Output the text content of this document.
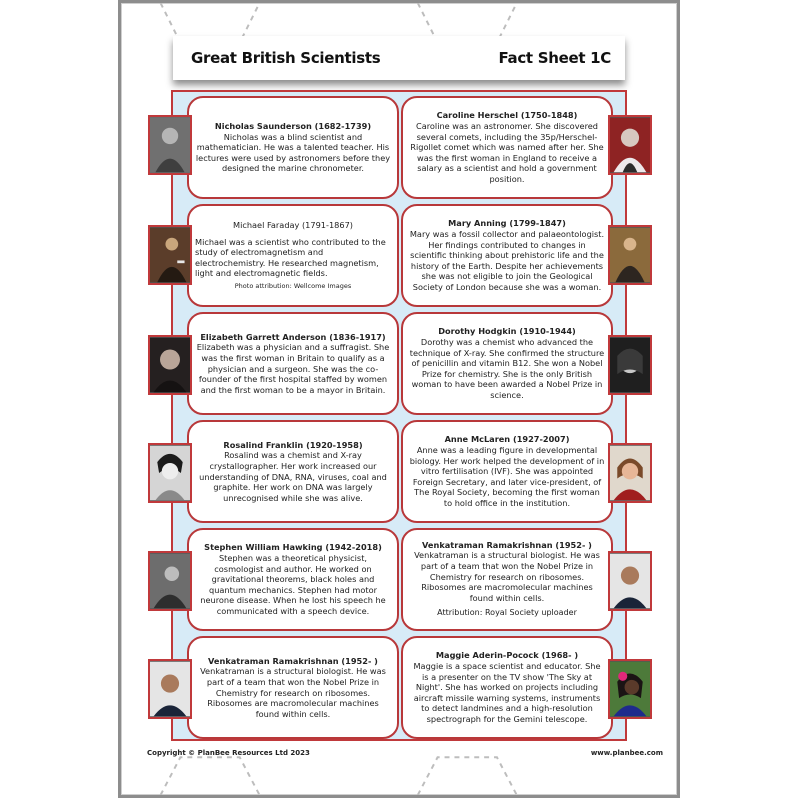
Great British Scientists	Fact Sheet 1C
Nicholas Saunderson (1682-1739)
Nicholas was a blind scientist and mathematician. He was a talented teacher. His lectures were used by astronomers before they designed the marine chronometer.
Caroline Herschel (1750-1848)
Caroline was an astronomer. She discovered several comets, including the 35p/Herschel-Rigollet comet which was named after her. She was the first woman in England to receive a salary as a scientist and hold a government position.
Michael Faraday (1791-1867)
Michael was a scientist who contributed to the study of electromagnetism and electrochemistry. He researched magnetism, light and electromagnetic fields.
Photo attribution: Wellcome Images
Mary Anning (1799-1847)
Mary was a fossil collector and palaeontologist. Her findings contributed to changes in scientific thinking about prehistoric life and the history of the Earth. Despite her achievements she was not eligible to join the Geological Society of London because she was a woman.
Elizabeth Garrett Anderson (1836-1917)
Elizabeth was a physician and a suffragist. She was the first woman in Britain to qualify as a physician and a surgeon. She was the co-founder of the first hospital staffed by women and the first woman to be a mayor in Britain.
Dorothy Hodgkin (1910-1944)
Dorothy was a chemist who advanced the technique of X-ray. She confirmed the structure of penicillin and vitamin B12. She won a Nobel Prize for chemistry. She is the only British woman to have been awarded a Nobel Prize in science.
Rosalind Franklin (1920-1958)
Rosalind was a chemist and X-ray crystallographer. Her work increased our understanding of DNA, RNA, viruses, coal and graphite. Her work on DNA was largely unrecognised while she was alive.
Anne McLaren (1927-2007)
Anne was a leading figure in developmental biology. Her work helped the development of in vitro fertilisation (IVF). She was appointed Foreign Secretary, and later vice-president, of The Royal Society, becoming the first woman to hold office in the institution.
Stephen William Hawking (1942-2018)
Stephen was a theoretical physicist, cosmologist and author. He worked on gravitational theorems, black holes and quantum mechanics. Stephen had motor neurone disease. When he lost his speech he communicated with a speech device.
Venkatraman Ramakrishnan (1952- )
Venkatraman is a structural biologist. He was part of a team that won the Nobel Prize in Chemistry for research on ribosomes. Ribosomes are macromolecular machines found within cells.
Attribution: Royal Society uploader
Venkatraman Ramakrishnan (1952- )
Venkatraman is a structural biologist. He was part of a team that won the Nobel Prize in Chemistry for research on ribosomes. Ribosomes are macromolecular machines found within cells.
Maggie Aderin-Pocock (1968- )
Maggie is a space scientist and educator. She is a presenter on the TV show 'The Sky at Night'. She has worked on projects including aircraft missile warning systems, instruments to detect landmines and a high-resolution spectrograph for the Gemini telescope.
Copyright © PlanBee Resources Ltd 2023	www.planbee.com
